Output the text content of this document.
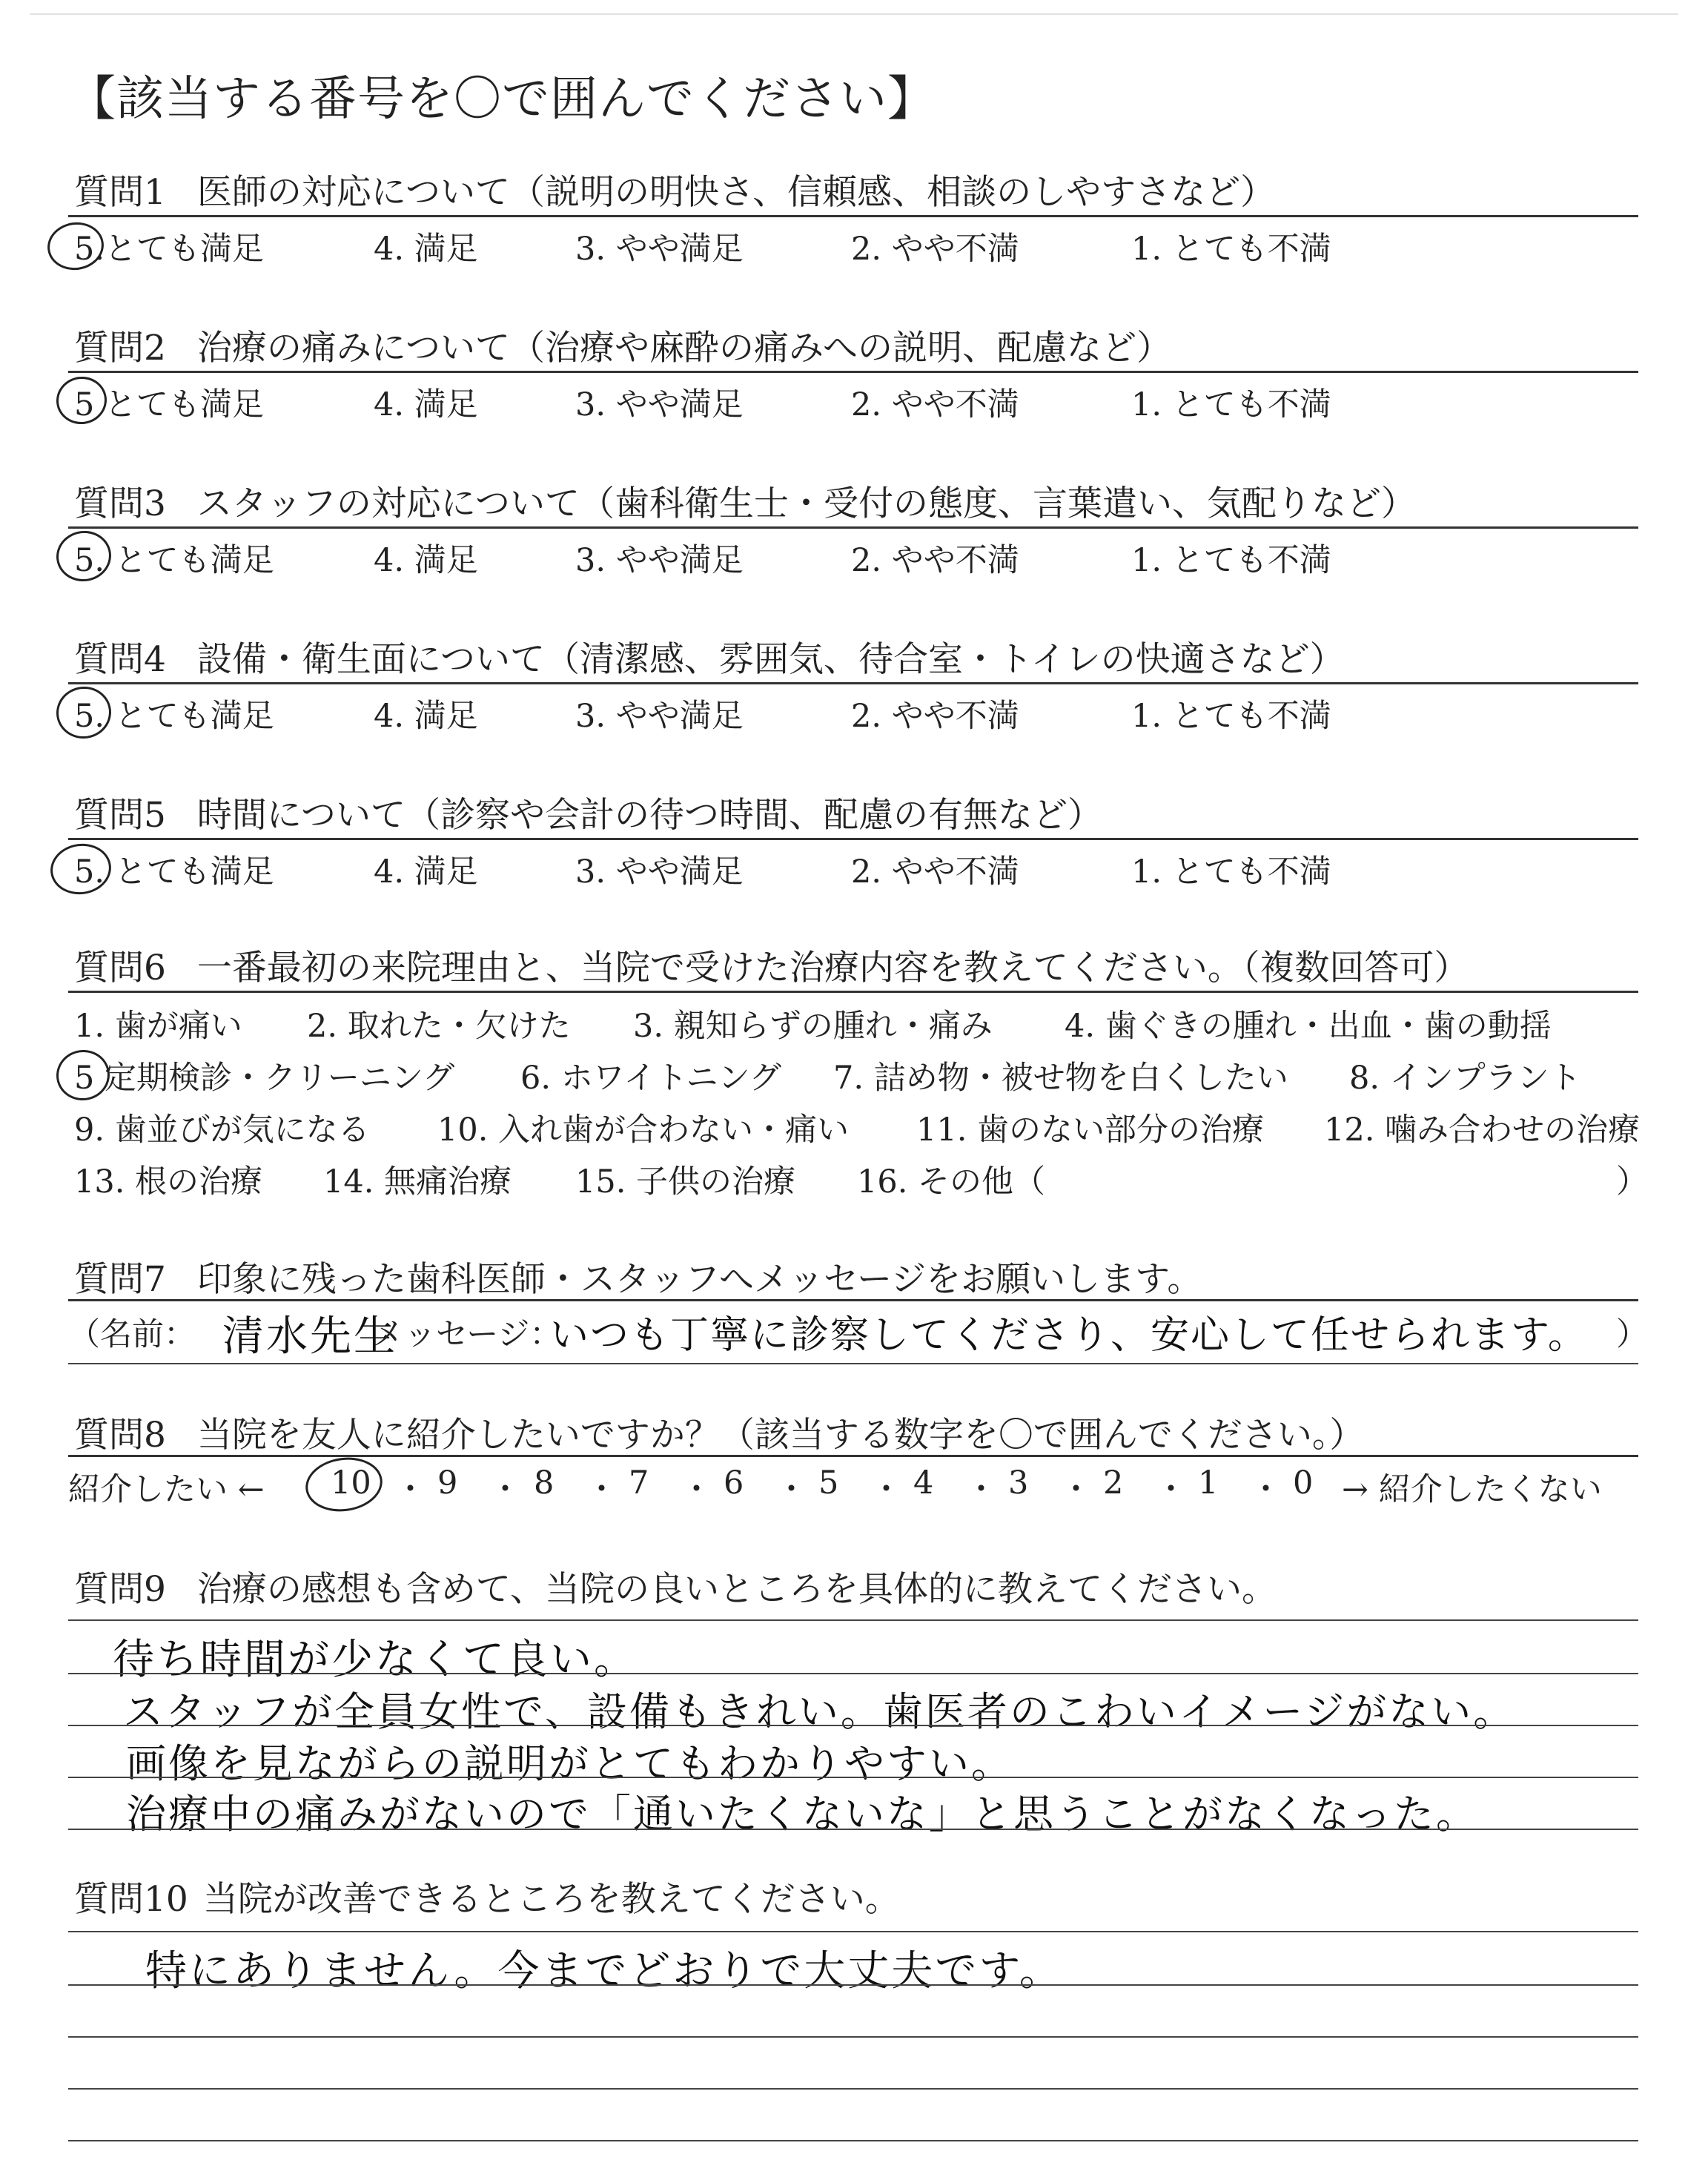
【該当する番号を〇で囲んでください】
質問1 医師の対応について（説明の明快さ、信頼感、相談のしやすさなど）
5.とても満足	4. 満足	3. やや満足	2. やや不満	1. とても不満
質問2 治療の痛みについて（治療や麻酔の痛みへの説明、配慮など）
5 とても満足	4. 満足	3. やや満足	2. やや不満	1. とても不満
質問3 スタッフの対応について（歯科衛生士・受付の態度、言葉遣い、気配りなど）
5. とても満足	4. 満足	3. やや満足	2. やや不満	1. とても不満
質問4 設備・衛生面について（清潔感、雰囲気、待合室・トイレの快適さなど）
5. とても満足	4. 満足	3. やや満足	2. やや不満	1. とても不満
質問5 時間について（診察や会計の待つ時間、配慮の有無など）
5. とても満足	4. 満足	3. やや満足	2. やや不満	1. とても不満
質問6 一番最初の来院理由と、当院で受けた治療内容を教えてください。（複数回答可）
1. 歯が痛い 2. 取れた・欠けた 3. 親知らずの腫れ・痛み 4. 歯ぐきの腫れ・出血・歯の動揺
5 定期検診・クリーニング 6. ホワイトニング 7. 詰め物・被せ物を白くしたい 8. インプラント
9. 歯並びが気になる 10. 入れ歯が合わない・痛い 11. 歯のない部分の治療 12. 噛み合わせの治療
13. 根の治療 14. 無痛治療 15. 子供の治療 16. その他（	）
質問7 印象に残った歯科医師・スタッフへメッセージをお願いします。
（名前： 清水先生
メッセージ：
いつも丁寧に診察してくださり、安心して任せられます。 ）
質問8 当院を友人に紹介したいですか？（該当する数字を〇で囲んでください。）
紹介したい ← 10 ・ 9 ・ 8 ・ 7 ・ 6 ・ 5 ・ 4 ・ 3 ・ 2 ・ 1 ・ 0 → 紹介したくない
質問9 治療の感想も含めて、当院の良いところを具体的に教えてください。
待ち時間が少なくて良い。
スタッフが全員女性で、設備もきれい。歯医者のこわいイメージがない。
画像を見ながらの説明がとてもわかりやすい。
治療中の痛みがないので「通いたくないな」と思うことがなくなった。
質問10 当院が改善できるところを教えてください。
特にありません。今までどおりで大丈夫です。
